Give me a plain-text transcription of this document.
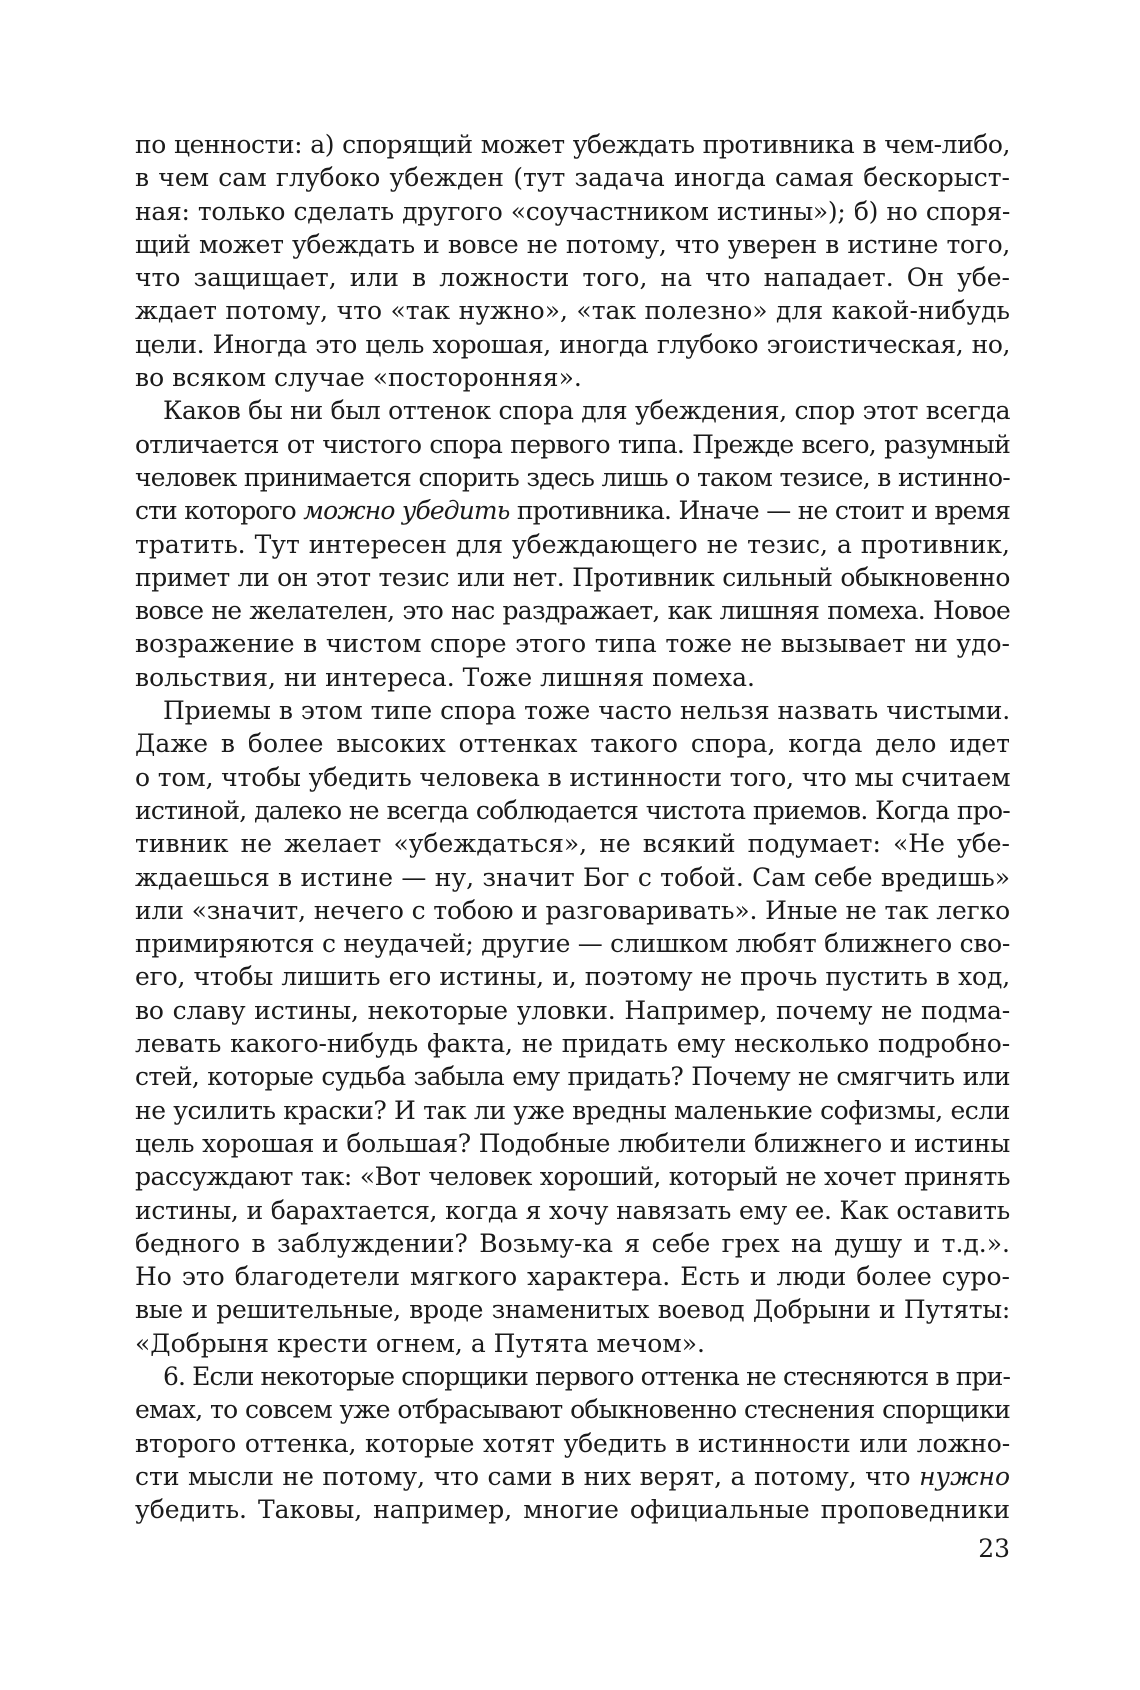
по ценности: а) спорящий может убеждать противника в чем-либо,
в чем сам глубоко убежден (тут задача иногда самая бескорыст-
ная: только сделать другого «соучастником истины»); б) но споря-
щий может убеждать и вовсе не потому, что уверен в истине того,
что защищает, или в ложности того, на что нападает. Он убе-
ждает потому, что «так нужно», «так полезно» для какой-нибудь
цели. Иногда это цель хорошая, иногда глубоко эгоистическая, но,
во всяком случае «посторонняя».
Каков бы ни был оттенок спора для убеждения, спор этот всегда
отличается от чистого спора первого типа. Прежде всего, разумный
человек принимается спорить здесь лишь о таком тезисе, в истинно-
сти которого можно убедить противника. Иначе — не стоит и время
тратить. Тут интересен для убеждающего не тезис, а противник,
примет ли он этот тезис или нет. Противник сильный обыкновенно
вовсе не желателен, это нас раздражает, как лишняя помеха. Новое
возражение в чистом споре этого типа тоже не вызывает ни удо-
вольствия, ни интереса. Тоже лишняя помеха.
Приемы в этом типе спора тоже часто нельзя назвать чистыми.
Даже в более высоких оттенках такого спора, когда дело идет
о том, чтобы убедить человека в истинности того, что мы считаем
истиной, далеко не всегда соблюдается чистота приемов. Когда про-
тивник не желает «убеждаться», не всякий подумает: «Не убе-
ждаешься в истине — ну, значит Бог с тобой. Сам себе вредишь»
или «значит, нечего с тобою и разговаривать». Иные не так легко
примиряются с неудачей; другие — слишком любят ближнего сво-
его, чтобы лишить его истины, и, поэтому не прочь пустить в ход,
во славу истины, некоторые уловки. Например, почему не подма-
левать какого-нибудь факта, не придать ему несколько подробно-
стей, которые судьба забыла ему придать? Почему не смягчить или
не усилить краски? И так ли уже вредны маленькие софизмы, если
цель хорошая и большая? Подобные любители ближнего и истины
рассуждают так: «Вот человек хороший, который не хочет принять
истины, и барахтается, когда я хочу навязать ему ее. Как оставить
бедного в заблуждении? Возьму-ка я себе грех на душу и т.д.».
Но это благодетели мягкого характера. Есть и люди более суро-
вые и решительные, вроде знаменитых воевод Добрыни и Путяты:
«Добрыня крести огнем, а Путята мечом».
6. Если некоторые спорщики первого оттенка не стесняются в при-
емах, то совсем уже отбрасывают обыкновенно стеснения спорщики
второго оттенка, которые хотят убедить в истинности или ложно-
сти мысли не потому, что сами в них верят, а потому, что нужно
убедить. Таковы, например, многие официальные проповедники
23
